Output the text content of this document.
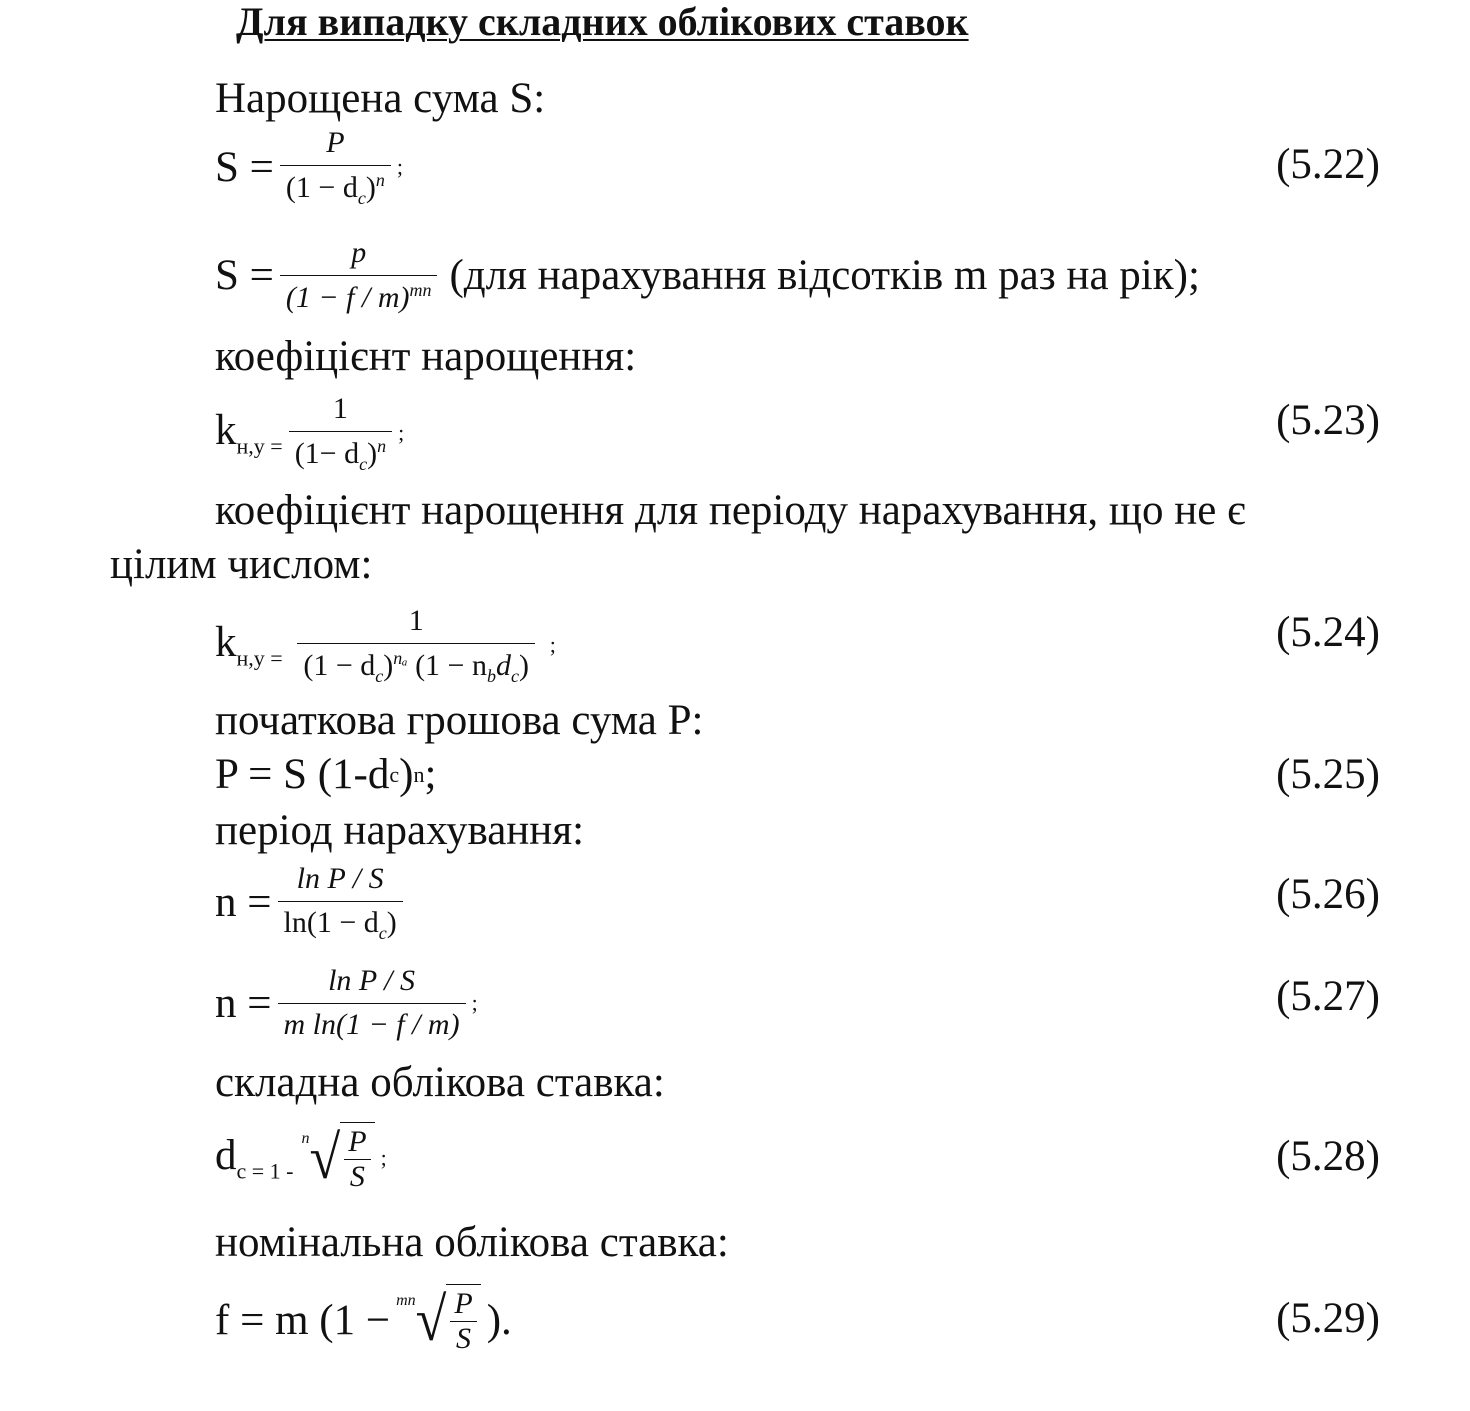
Для випадку складних облікових ставок
Нарощена сума S:
$S = \frac{P}{(1 - d_c)^n}$ ;	(5.22)
$S = \frac{p}{(1 - f / m)^{mn}} (для$ нарахування відсотків m раз на рік);
коефіцієнт нарощення:
$k_{н,у =} \frac{1}{(1- d_c)^n}$ ;	(5.23)
коефіцієнт нарощення для періоду нарахування, що не є
цілим числом:
$k_{н,у =} \frac{1}{(1 - d_c)^{n_a} (1 - n_bd_c)}$ ;	(5.24)
початкова грошова сума P:
P = S (1-d c ) n ;	(5.25)
період нарахування:
$n = \frac{\text{ln P / S}}{\ln(1 - d_c)}$	(5.26)
$n = \frac{\text{ln P / S}}{\text{m ln(1 − f / m)}}$ ;	(5.27)
складна облікова ставка:
$d_{c = 1 -}$
n √ $\frac{P}{S}$ ;	(5.28)
номінальна облікова ставка:
f = m (1 − mn √ $\frac{P}{S}$ ).	(5.29)
